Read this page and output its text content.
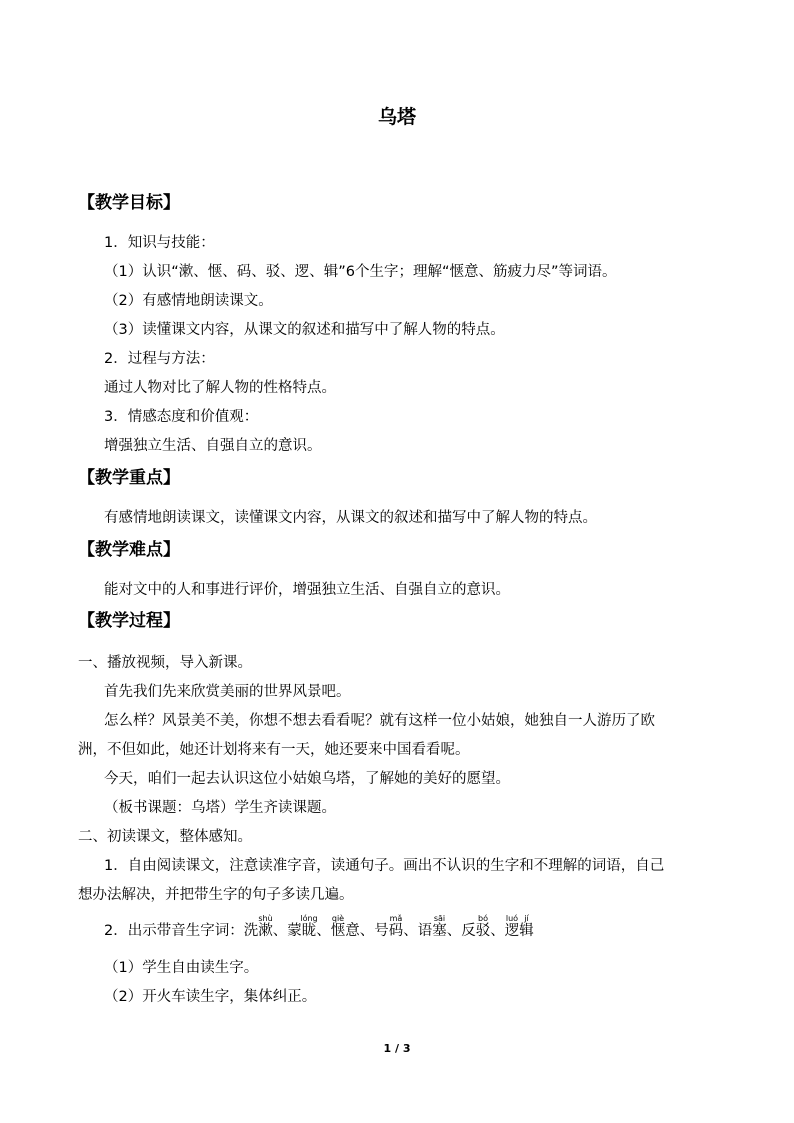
乌塔
【教学目标】
1．知识与技能：
（1）认识“漱、惬、码、驳、逻、辑”6个生字；理解“惬意、筋疲力尽”等词语。
（2）有感情地朗读课文。
（3）读懂课文内容，从课文的叙述和描写中了解人物的特点。
2．过程与方法：
通过人物对比了解人物的性格特点。
3．情感态度和价值观：
增强独立生活、自强自立的意识。
【教学重点】
有感情地朗读课文，读懂课文内容，从课文的叙述和描写中了解人物的特点。
【教学难点】
能对文中的人和事进行评价，增强独立生活、自强自立的意识。
【教学过程】
一、播放视频，导入新课。
首先我们先来欣赏美丽的世界风景吧。
怎么样？风景美不美，你想不想去看看呢？就有这样一位小姑娘，她独自一人游历了欧
洲，不但如此，她还计划将来有一天，她还要来中国看看呢。
今天，咱们一起去认识这位小姑娘乌塔，了解她的美好的愿望。
（板书课题：乌塔）学生齐读课题。
二、初读课文，整体感知。
1．自由阅读课文，注意读准字音，读通句子。画出不认识的生字和不理解的词语，自己
想办法解决，并把带生字的句子多读几遍。
2．出示带音生字词：洗漱shù、蒙眬lóng、惬qiè意、号码mǎ、语塞sāi、反驳bó、逻luó辑jí
（1）学生自由读生字。
（2）开火车读生字，集体纠正。
1 / 3
